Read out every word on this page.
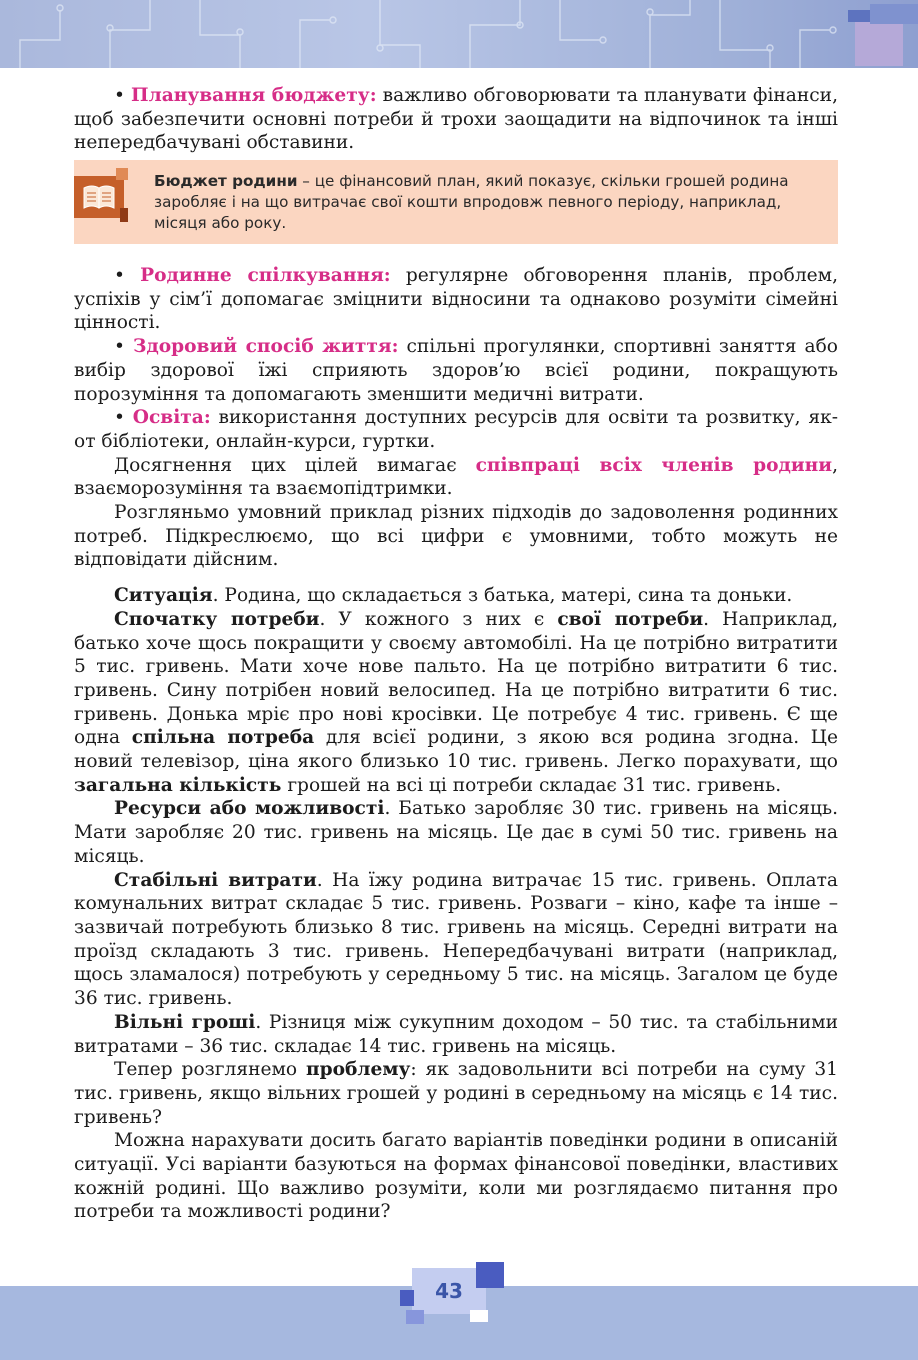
• Планування бюджету: важливо обговорювати та планувати фінанси, щоб забезпечити основні потреби й трохи заощадити на відпочинок та інші непередбачувані обставини.

Бюджет родини – це фінансовий план, який показує, скільки грошей родина заробляє і на що витрачає свої кошти впродовж певного періоду, наприклад, місяця або року.

• Родинне спілкування: регулярне обговорення планів, проблем, успіхів у сім’ї допомагає зміцнити відносини та однаково розуміти сімейні цінності.

• Здоровий спосіб життя: спільні прогулянки, спортивні заняття або вибір здорової їжі сприяють здоров’ю всієї родини, покращують порозуміння та допомагають зменшити медичні витрати.

• Освіта: використання доступних ресурсів для освіти та розвитку, як-от бібліотеки, онлайн-курси, гуртки.

Досягнення цих цілей вимагає співпраці всіх членів родини, взаєморозуміння та взаємопідтримки.

Розгляньмо умовний приклад різних підходів до задоволення родинних потреб. Підкреслюємо, що всі цифри є умовними, тобто можуть не відповідати дійсним.

Ситуація. Родина, що складається з батька, матері, сина та доньки.

Спочатку потреби. У кожного з них є свої потреби. Наприклад, батько хоче щось покращити у своєму автомобілі. На це потрібно витратити 5 тис. гривень. Мати хоче нове пальто. На це потрібно витратити 6 тис. гривень. Сину потрібен новий велосипед. На це потрібно витратити 6 тис. гривень. Донька мріє про нові кросівки. Це потребує 4 тис. гривень. Є ще одна спільна потреба для всієї родини, з якою вся родина згодна. Це новий телевізор, ціна якого близько 10 тис. гривень. Легко порахувати, що загальна кількість грошей на всі ці потреби складає 31 тис. гривень.

Ресурси або можливості. Батько заробляє 30 тис. гривень на місяць. Мати заробляє 20 тис. гривень на місяць. Це дає в сумі 50 тис. гривень на місяць.

Стабільні витрати. На їжу родина витрачає 15 тис. гривень. Оплата комунальних витрат складає 5 тис. гривень. Розваги – кіно, кафе та інше – зазвичай потребують близько 8 тис. гривень на місяць. Середні витрати на проїзд складають 3 тис. гривень. Непередбачувані витрати (наприклад, щось зламалося) потребують у середньому 5 тис. на місяць. Загалом це буде 36 тис. гривень.

Вільні гроші. Різниця між сукупним доходом – 50 тис. та стабільними витратами – 36 тис. складає 14 тис. гривень на місяць.

Тепер розглянемо проблему: як задовольнити всі потреби на суму 31 тис. гривень, якщо вільних грошей у родині в середньому на місяць є 14 тис. гривень?

Можна нарахувати досить багато варіантів поведінки родини в описаній ситуації. Усі варіанти базуються на формах фінансової поведінки, властивих кожній родині. Що важливо розуміти, коли ми розглядаємо питання про потреби та можливості родини?

43
